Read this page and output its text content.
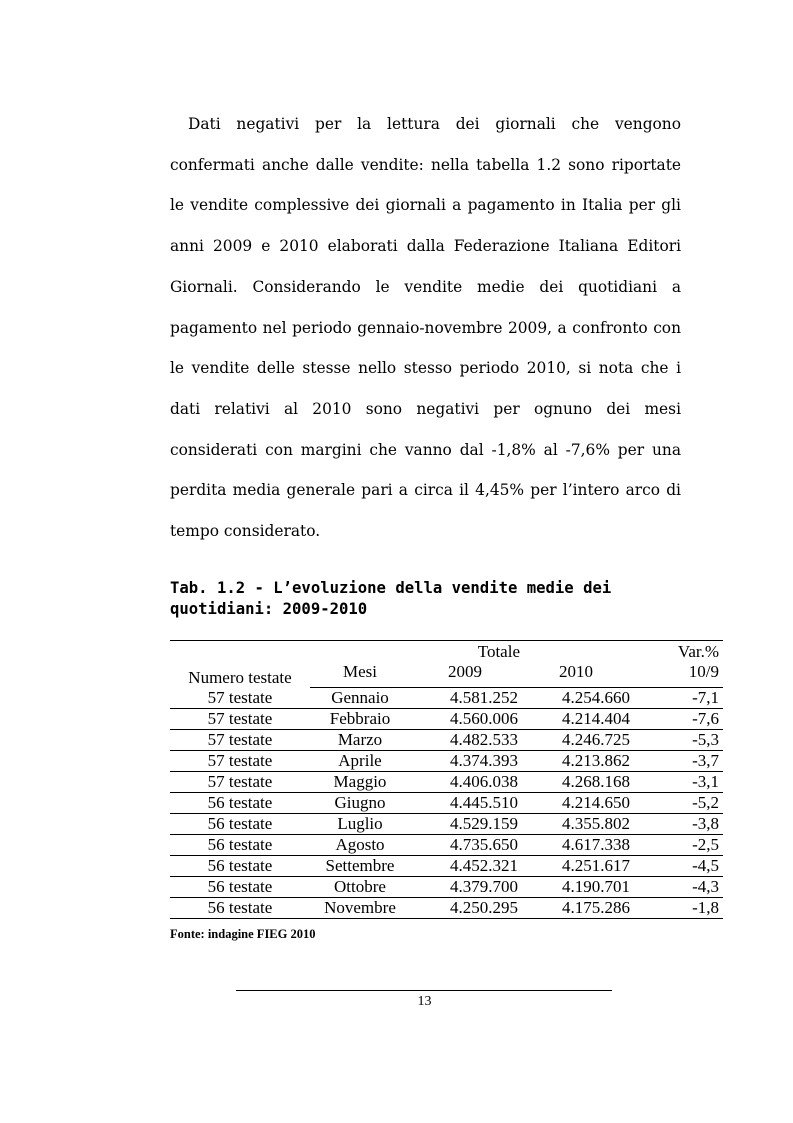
Dati negativi per la lettura dei giornali che vengono confermati anche dalle vendite: nella tabella 1.2 sono riportate le vendite complessive dei giornali a pagamento in Italia per gli anni 2009 e 2010 elaborati dalla Federazione Italiana Editori Giornali. Considerando le vendite medie dei quotidiani a pagamento nel periodo gennaio-novembre 2009, a confronto con le vendite delle stesse nello stesso periodo 2010, si nota che i dati relativi al 2010 sono negativi per ognuno dei mesi considerati con margini che vanno dal -1,8% al -7,6% per una perdita media generale pari a circa il 4,45% per l’intero arco di tempo considerato.

Tab. 1.2 - L’evoluzione della vendite medie dei quotidiani: 2009-2010

Numero testate		Totale		Var.%
	Mesi	2009	2010	10/9
57 testate	Gennaio	4.581.252	4.254.660	-7,1
57 testate	Febbraio	4.560.006	4.214.404	-7,6
57 testate	Marzo	4.482.533	4.246.725	-5,3
57 testate	Aprile	4.374.393	4.213.862	-3,7
57 testate	Maggio	4.406.038	4.268.168	-3,1
56 testate	Giugno	4.445.510	4.214.650	-5,2
56 testate	Luglio	4.529.159	4.355.802	-3,8
56 testate	Agosto	4.735.650	4.617.338	-2,5
56 testate	Settembre	4.452.321	4.251.617	-4,5
56 testate	Ottobre	4.379.700	4.190.701	-4,3
56 testate	Novembre	4.250.295	4.175.286	-1,8

Fonte: indagine FIEG 2010

13
